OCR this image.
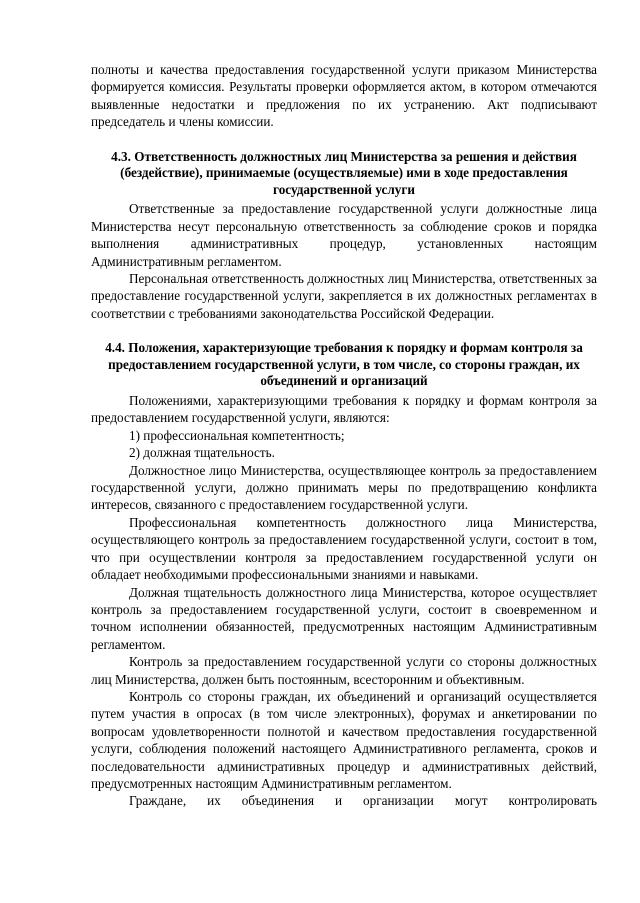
полноты и качества предоставления государственной услуги приказом Министерства формируется комиссия. Результаты проверки оформляется актом, в котором отмечаются выявленные недостатки и предложения по их устранению. Акт подписывают председатель и члены комиссии.

4.3. Ответственность должностных лиц Министерства за решения и действия (бездействие), принимаемые (осуществляемые) ими в ходе предоставления государственной услуги

Ответственные за предоставление государственной услуги должностные лица Министерства несут персональную ответственность за соблюдение сроков и порядка выполнения административных процедур, установленных настоящим Административным регламентом.

Персональная ответственность должностных лиц Министерства, ответственных за предоставление государственной услуги, закрепляется в их должностных регламентах в соответствии с требованиями законодательства Российской Федерации.

4.4. Положения, характеризующие требования к порядку и формам контроля за предоставлением государственной услуги, в том числе, со стороны граждан, их объединений и организаций

Положениями, характеризующими требования к порядку и формам контроля за предоставлением государственной услуги, являются:

1) профессиональная компетентность;

2) должная тщательность.

Должностное лицо Министерства, осуществляющее контроль за предоставлением государственной услуги, должно принимать меры по предотвращению конфликта интересов, связанного с предоставлением государственной услуги.

Профессиональная компетентность должностного лица Министерства, осуществляющего контроль за предоставлением государственной услуги, состоит в том, что при осуществлении контроля за предоставлением государственной услуги он обладает необходимыми профессиональными знаниями и навыками.

Должная тщательность должностного лица Министерства, которое осуществляет контроль за предоставлением государственной услуги, состоит в своевременном и точном исполнении обязанностей, предусмотренных настоящим Административным регламентом.

Контроль за предоставлением государственной услуги со стороны должностных лиц Министерства, должен быть постоянным, всесторонним и объективным.

Контроль со стороны граждан, их объединений и организаций осуществляется путем участия в опросах (в том числе электронных), форумах и анкетировании по вопросам удовлетворенности полнотой и качеством предоставления государственной услуги, соблюдения положений настоящего Административного регламента, сроков и последовательности административных процедур и административных действий, предусмотренных настоящим Административным регламентом.

Граждане, их объединения и организации могут контролировать
